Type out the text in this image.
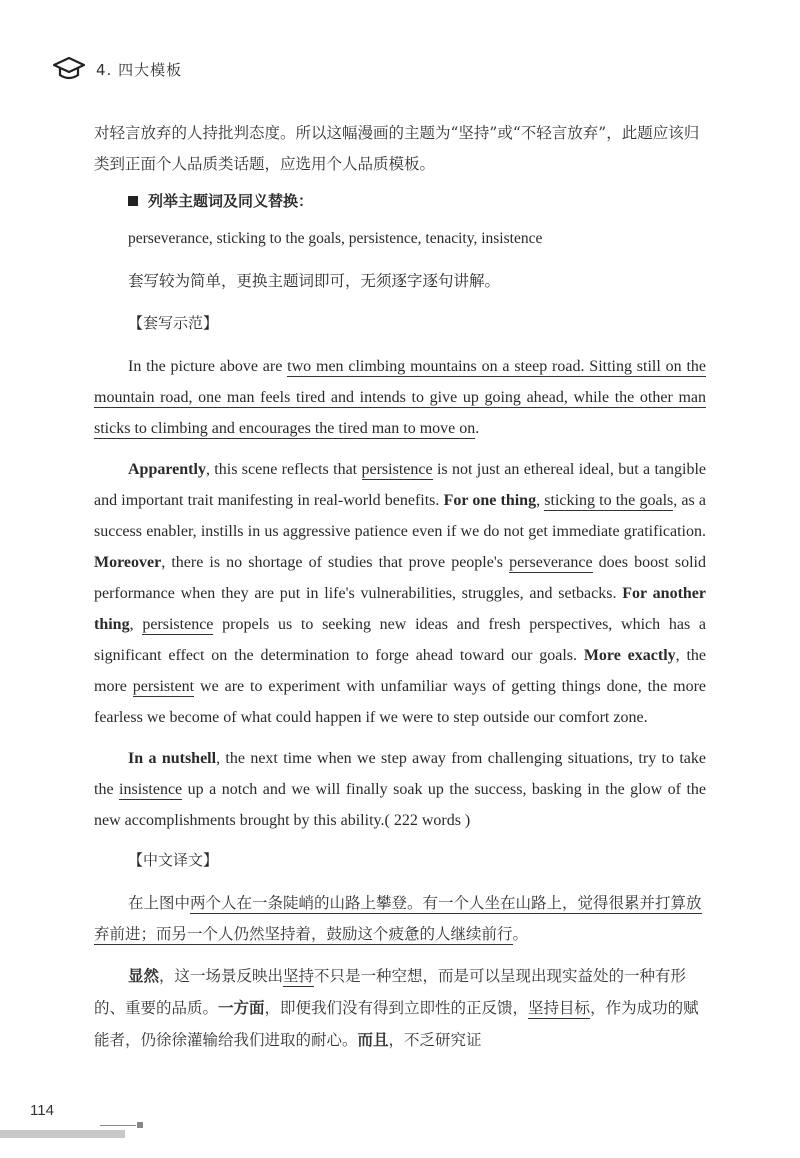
4. 四大模板

对轻言放弃的人持批判态度。所以这幅漫画的主题为“坚持”或“不轻言放弃”，此题应该归类到正面个人品质类话题，应选用个人品质模板。

列举主题词及同义替换：
perseverance, sticking to the goals, persistence, tenacity, insistence
套写较为简单，更换主题词即可，无须逐字逐句讲解。
【套写示范】

In the picture above are two men climbing mountains on a steep road. Sitting still on the mountain road, one man feels tired and intends to give up going ahead, while the other man sticks to climbing and encourages the tired man to move on.

Apparently, this scene reflects that persistence is not just an ethereal ideal, but a tangible and important trait manifesting in real-world benefits. For one thing, sticking to the goals, as a success enabler, instills in us aggressive patience even if we do not get immediate gratification. Moreover, there is no shortage of studies that prove people's perseverance does boost solid performance when they are put in life's vulnerabilities, struggles, and setbacks. For another thing, persistence propels us to seeking new ideas and fresh perspectives, which has a significant effect on the determination to forge ahead toward our goals. More exactly, the more persistent we are to experiment with unfamiliar ways of getting things done, the more fearless we become of what could happen if we were to step outside our comfort zone.

In a nutshell, the next time when we step away from challenging situations, try to take the insistence up a notch and we will finally soak up the success, basking in the glow of the new accomplishments brought by this ability.( 222 words )

【中文译文】

在上图中两个人在一条陡峭的山路上攀登。有一个人坐在山路上，觉得很累并打算放弃前进；而另一个人仍然坚持着，鼓励这个疲惫的人继续前行。

显然，这一场景反映出坚持不只是一种空想，而是可以呈现出现实益处的一种有形的、重要的品质。一方面，即便我们没有得到立即性的正反馈，坚持目标，作为成功的赋能者，仍徐徐灌输给我们进取的耐心。而且，不乏研究证

114
